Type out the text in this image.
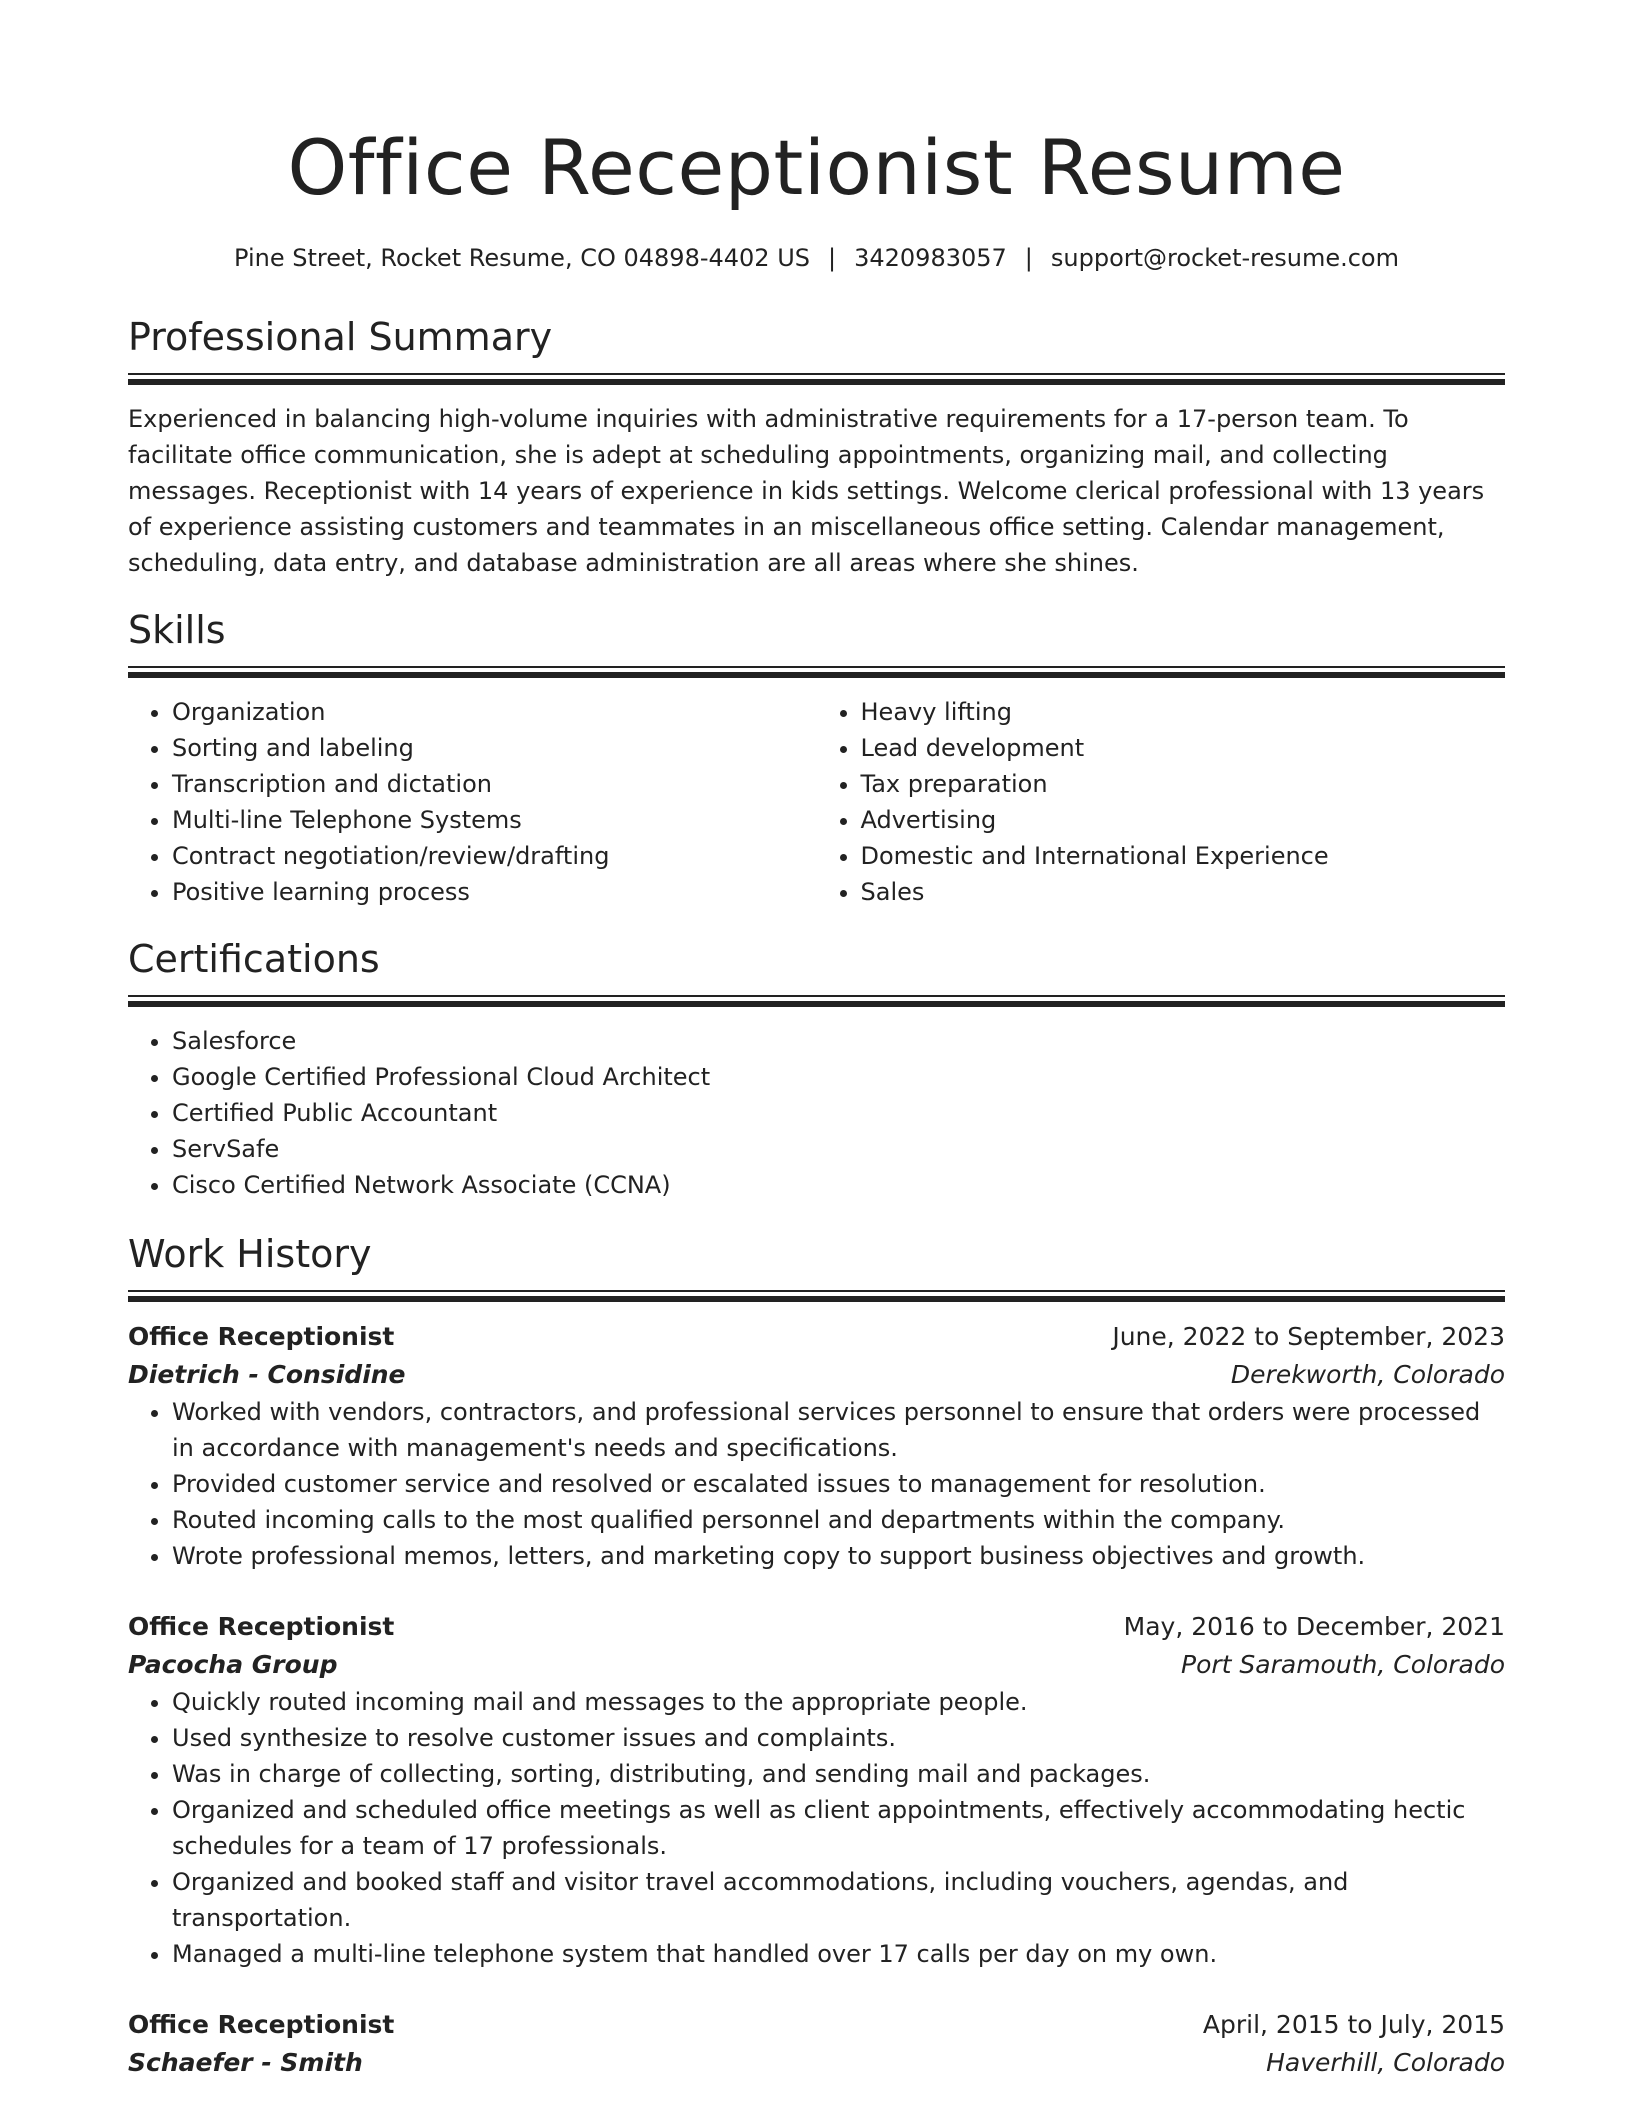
Office Receptionist Resume
Pine Street, Rocket Resume, CO 04898-4402 US | 3420983057 | support@rocket-resume.com
Professional Summary

Experienced in balancing high-volume inquiries with administrative requirements for a 17-person team. To facilitate office communication, she is adept at scheduling appointments, organizing mail, and collecting messages. Receptionist with 14 years of experience in kids settings. Welcome clerical professional with 13 years of experience assisting customers and teammates in an miscellaneous office setting. Calendar management, scheduling, data entry, and database administration are all areas where she shines.

Skills
• Organization
• Sorting and labeling
• Transcription and dictation
• Multi-line Telephone Systems
• Contract negotiation/review/drafting
• Positive learning process
• Heavy lifting
• Lead development
• Tax preparation
• Advertising
• Domestic and International Experience
• Sales
Certifications
• Salesforce
• Google Certified Professional Cloud Architect
• Certified Public Accountant
• ServSafe
• Cisco Certified Network Associate (CCNA)
Work History
Office Receptionist	June, 2022 to September, 2023
Dietrich - Considine	Derekworth, Colorado
• Worked with vendors, contractors, and professional services personnel to ensure that orders were processed in accordance with management's needs and specifications.
• Provided customer service and resolved or escalated issues to management for resolution.
• Routed incoming calls to the most qualified personnel and departments within the company.
• Wrote professional memos, letters, and marketing copy to support business objectives and growth.
Office Receptionist	May, 2016 to December, 2021
Pacocha Group	Port Saramouth, Colorado
• Quickly routed incoming mail and messages to the appropriate people.
• Used synthesize to resolve customer issues and complaints.
• Was in charge of collecting, sorting, distributing, and sending mail and packages.
• Organized and scheduled office meetings as well as client appointments, effectively accommodating hectic schedules for a team of 17 professionals.
• Organized and booked staff and visitor travel accommodations, including vouchers, agendas, and transportation.
• Managed a multi-line telephone system that handled over 17 calls per day on my own.
Office Receptionist	April, 2015 to July, 2015
Schaefer - Smith	Haverhill, Colorado
